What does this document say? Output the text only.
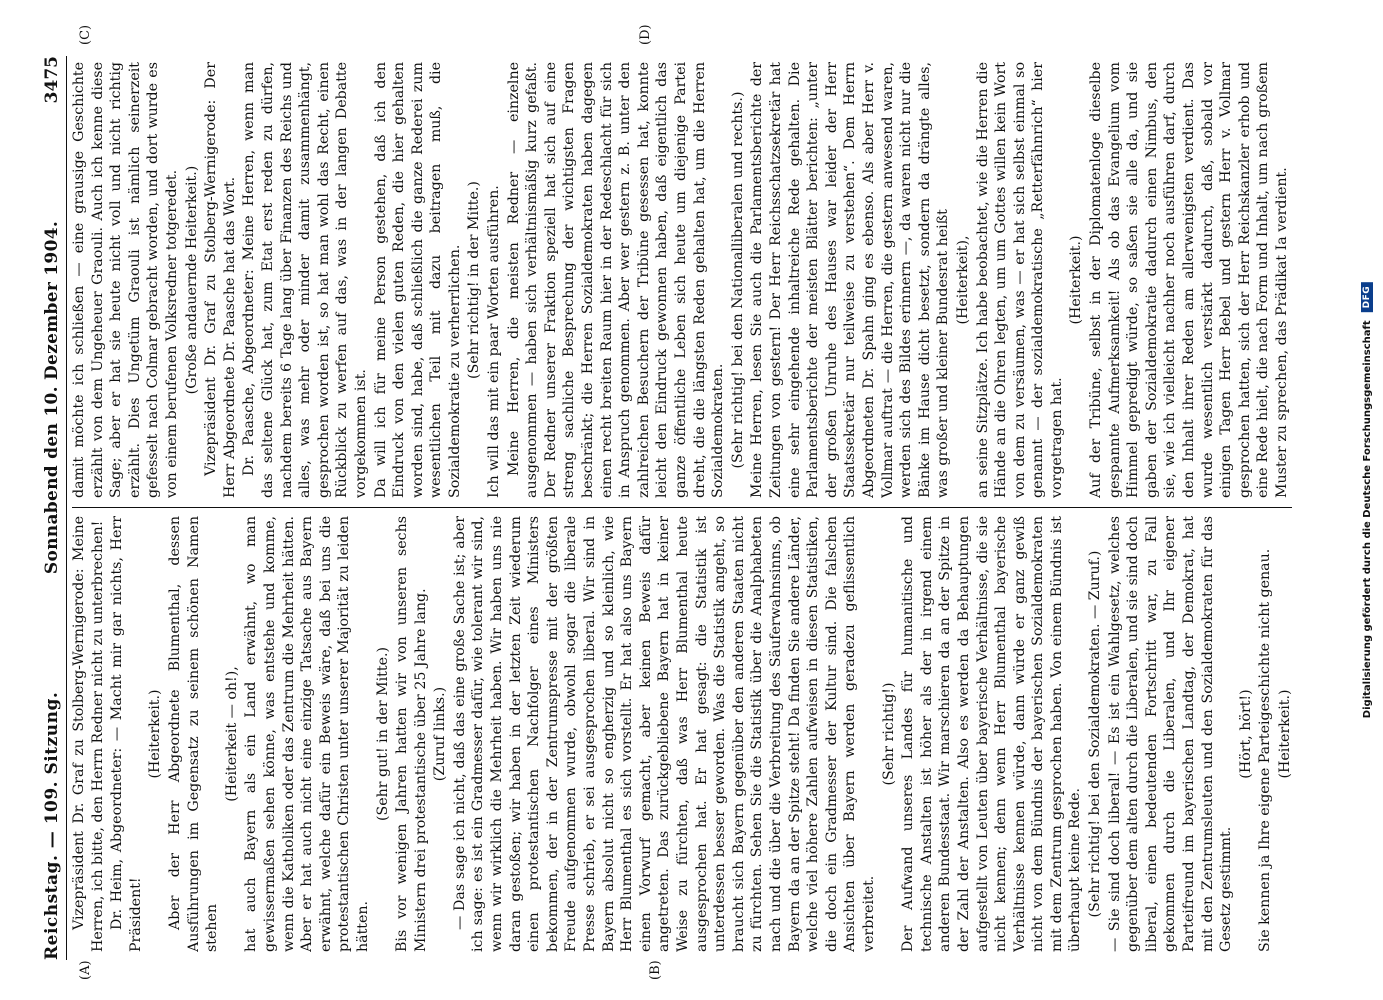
Reichstag. — 109. Sitzung.
Sonnabend den 10. Dezember 1904.
3475
(A)	(B)
(C)	(D)

Vizepräsident Dr. Graf zu Stolberg-Wernigerode: Meine Herren, ich bitte, den Herrn Redner nicht zu unterbrechen! Dr. Heim, Abgeordneter: — Macht mir gar nichts, Herr Präsident!

(Heiterkeit.) Aber der Herr Abgeordnete Blumenthal, dessen Ausführungen im Gegensatz zu seinem schönen Namen stehen

(Heiterkeit — oh!), hat auch Bayern als ein Land erwähnt, wo man gewissermaßen sehen könne, was entstehe und komme, wenn die Katholiken oder das Zentrum die Mehrheit hätten. Aber er hat auch nicht eine einzige Tatsache aus Bayern erwähnt, welche dafür ein Beweis wäre, daß bei uns die protestantischen Christen unter unserer Majorität zu leiden hätten.

(Sehr gut! in der Mitte.) Bis vor wenigen Jahren hatten wir von unseren sechs Ministern drei protestantische über 25 Jahre lang. (Zuruf links.) — Das sage ich nicht, daß das eine große Sache ist; aber ich sage: es ist ein Gradmesser dafür, wie tolerant wir sind, wenn wir wirklich die Mehrheit haben. Wir haben uns nie daran gestoßen; wir haben in der letzten Zeit wiederum einen protestantischen Nachfolger eines Ministers bekommen, der in der Zentrumspresse mit der größten Freude aufgenommen wurde, obwohl sogar die liberale Presse schrieb, er sei ausgesprochen liberal. Wir sind in Bayern absolut nicht so engherzig und so kleinlich, wie Herr Blumenthal es sich vorstellt. Er hat also uns Bayern einen Vorwurf gemacht, aber keinen Beweis dafür angetreten. Das zurückgebliebene Bayern hat in keiner Weise zu fürchten, daß was Herr Blumenthal heute ausgesprochen hat. Er hat gesagt: die Statistik ist unterdessen besser geworden. Was die Statistik angeht, so braucht sich Bayern gegenüber den anderen Staaten nicht zu fürchten. Sehen Sie die Statistik über die Analphabeten nach und die über die Verbreitung des Säuferwahnsinns, ob Bayern da an der Spitze steht! Da finden Sie andere Länder, welche viel höhere Zahlen aufweisen in diesen Statistiken, die doch ein Gradmesser der Kultur sind. Die falschen Ansichten über Bayern werden geradezu geflissentlich verbreitet.

(Sehr richtig!) Der Aufwand unseres Landes für humanitische und technische Anstalten ist höher als der in irgend einem anderen Bundesstaat. Wir marschieren da an der Spitze in der Zahl der Anstalten. Also es werden da Behauptungen aufgestellt von Leuten über bayerische Verhältnisse, die sie nicht kennen; denn wenn Herr Blumenthal bayerische Verhältnisse kennen würde, dann würde er ganz gewiß nicht von dem Bündnis der bayerischen Sozialdemokraten mit dem Zentrum gesprochen haben. Von einem Bündnis ist überhaupt keine Rede. (Sehr richtig! bei den Sozialdemokraten. — Zuruf.) — Sie sind doch liberal! — Es ist ein Wahlgesetz, welches gegenüber dem alten durch die Liberalen, und sie sind doch liberal, einen bedeutenden Fortschritt war, zu Fall gekommen durch die Liberalen, und Ihr eigener Parteifreund im bayerischen Landtag, der Demokrat, hat mit den Zentrumsleuten und den Sozialdemokraten für das Gesetz gestimmt.

(Hört, hört!) Sie kennen ja Ihre eigene Parteigeschichte nicht genau. (Heiterkeit.)

damit möchte ich schließen — eine grausige Geschichte erzählt von dem Ungeheuer Graouli. Auch ich kenne diese Sage; aber er hat sie heute nicht voll und nicht richtig erzählt. Dies Ungetüm Graouli ist nämlich seinerzeit gefesselt nach Colmar gebracht worden, und dort wurde es von einem berufenen Volksredner totgeredet. (Große andauernde Heiterkeit.) Vizepräsident Dr. Graf zu Stolberg-Wernigerode: Der Herr Abgeordnete Dr. Paasche hat das Wort. Dr. Paasche, Abgeordneter: Meine Herren, wenn man das seltene Glück hat, zum Etat erst reden zu dürfen, nachdem bereits 6 Tage lang über Finanzen des Reichs und alles, was mehr oder minder damit zusammenhängt, gesprochen worden ist, so hat man wohl das Recht, einen Rückblick zu werfen auf das, was in der langen Debatte vorgekommen ist. Da will ich für meine Person gestehen, daß ich den Eindruck von den vielen guten Reden, die hier gehalten worden sind, habe, daß schließlich die ganze Rederei zum wesentlichen Teil mit dazu beitragen muß, die Sozialdemokratie zu verherrlichen. (Sehr richtig! in der Mitte.) Ich will das mit ein paar Worten ausführen. Meine Herren, die meisten Redner — einzelne ausgenommen — haben sich verhältnismäßig kurz gefaßt. Der Redner unserer Fraktion speziell hat sich auf eine streng sachliche Besprechung der wichtigsten Fragen beschränkt; die Herren Sozialdemokraten haben dagegen einen recht breiten Raum hier in der Redeschlacht für sich in Anspruch genommen. Aber wer gestern z. B. unter den zahlreichen Besuchern der Tribüne gesessen hat, konnte leicht den Eindruck gewonnen haben, daß eigentlich das ganze öffentliche Leben sich heute um diejenige Partei dreht, die die längsten Reden gehalten hat, um die Herren Sozialdemokraten. (Sehr richtig! bei den Nationalliberalen und rechts.) Meine Herren, lesen Sie auch die Parlamentsberichte der Zeitungen von gestern! Der Herr Reichsschatzsekretär hat eine sehr eingehende inhaltreiche Rede gehalten. Die Parlamentsberichte der meisten Blätter berichten: „unter der großen Unruhe des Hauses war leider der Herr Staatssekretär nur teilweise zu verstehen“. Dem Herrn Abgeordneten Dr. Spahn ging es ebenso. Als aber Herr v. Vollmar auftrat — die Herren, die gestern anwesend waren, werden sich des Bildes erinnern —, da waren nicht nur die Bänke im Hause dicht besetzt, sondern da drängte alles, was großer und kleiner Bundesrat heißt (Heiterkeit), an seine Sitzplätze. Ich habe beobachtet, wie die Herren die Hände an die Ohren legten, um um Gottes willen kein Wort von dem zu versäumen, was — er hat sich selbst einmal so genannt — der sozialdemokratische „Retterfähnrich“ hier vorgetragen hat.

(Heiterkeit.) Auf der Tribüne, selbst in der Diplomatenloge dieselbe gespannte Aufmerksamkeit! Als ob das Evangelium vom Himmel gepredigt würde, so saßen sie alle da, und sie gaben der Sozialdemokratie dadurch einen Nimbus, den sie, wie ich vielleicht nachher noch ausführen darf, durch den Inhalt ihrer Reden am allerwenigsten verdient. Das wurde wesentlich verstärkt dadurch, daß, sobald vor einigen Tagen Herr Bebel und gestern Herr v. Vollmar gesprochen hatten, sich der Herr Reichskanzler erhob und eine Rede hielt, die nach Form und Inhalt, um nach großem Muster zu sprechen, das Prädikat Ia verdient.	Digitalisierung gefördert durch die Deutsche Forschungsgemeinschaft
DFG
